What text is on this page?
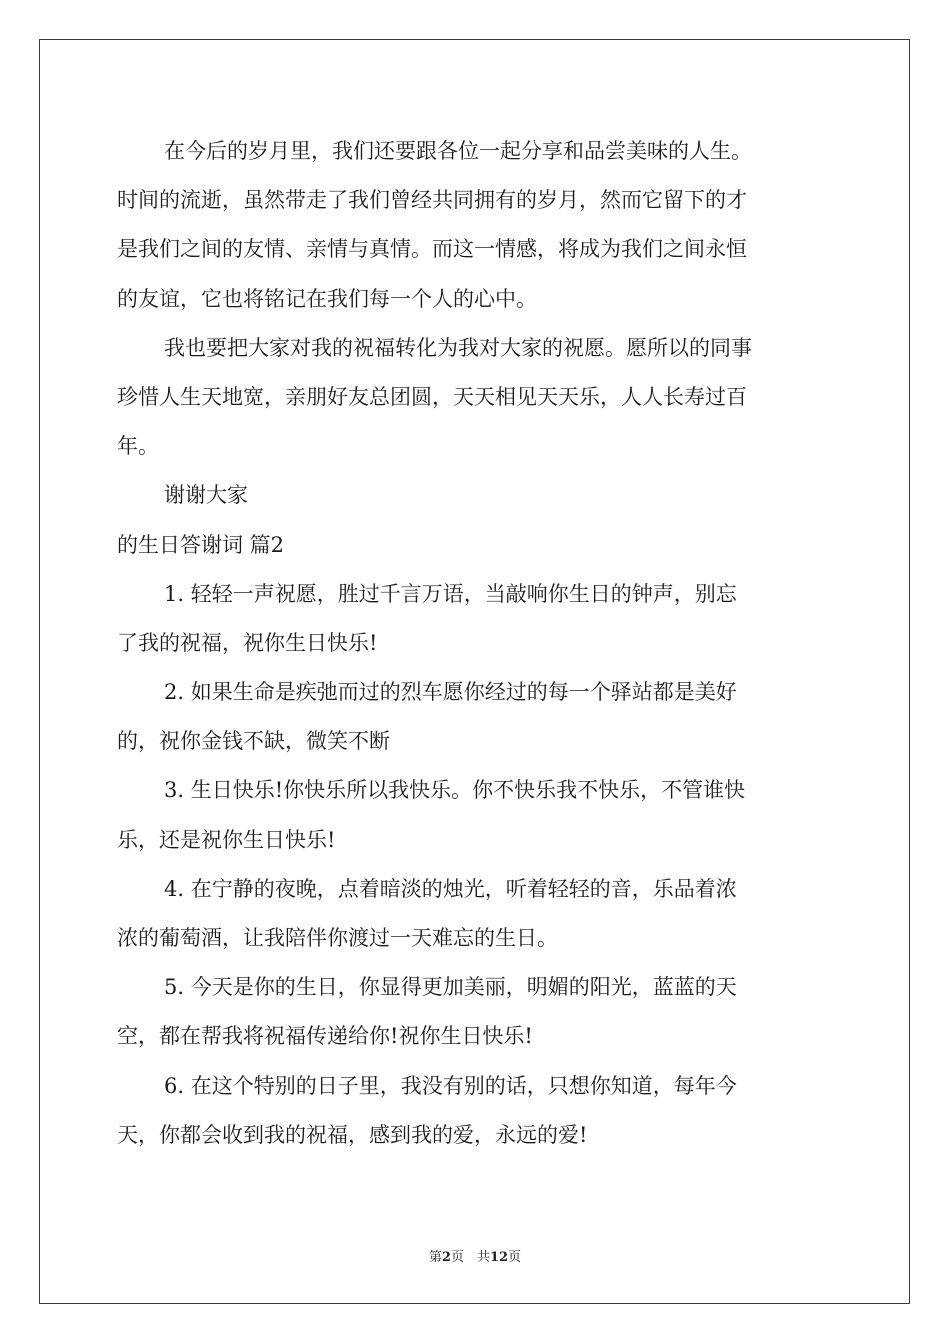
在今后的岁月里，我们还要跟各位一起分享和品尝美味的人生。
时间的流逝，虽然带走了我们曾经共同拥有的岁月，然而它留下的才
是我们之间的友情、亲情与真情。而这一情感，将成为我们之间永恒
的友谊，它也将铭记在我们每一个人的心中。
我也要把大家对我的祝福转化为我对大家的祝愿。愿所以的同事
珍惜人生天地宽，亲朋好友总团圆，天天相见天天乐，人人长寿过百
年。
谢谢大家
的生日答谢词 篇2
1. 轻轻一声祝愿，胜过千言万语，当敲响你生日的钟声，别忘
了我的祝福，祝你生日快乐!
2. 如果生命是疾弛而过的烈车愿你经过的每一个驿站都是美好
的，祝你金钱不缺，微笑不断
3. 生日快乐!你快乐所以我快乐。你不快乐我不快乐，不管谁快
乐，还是祝你生日快乐!
4. 在宁静的夜晚，点着暗淡的烛光，听着轻轻的音，乐品着浓
浓的葡萄酒，让我陪伴你渡过一天难忘的生日。
5. 今天是你的生日，你显得更加美丽，明媚的阳光，蓝蓝的天
空，都在帮我将祝福传递给你!祝你生日快乐!
6. 在这个特别的日子里，我没有别的话，只想你知道，每年今
天，你都会收到我的祝福，感到我的爱，永远的爱!
第2页　共12页
